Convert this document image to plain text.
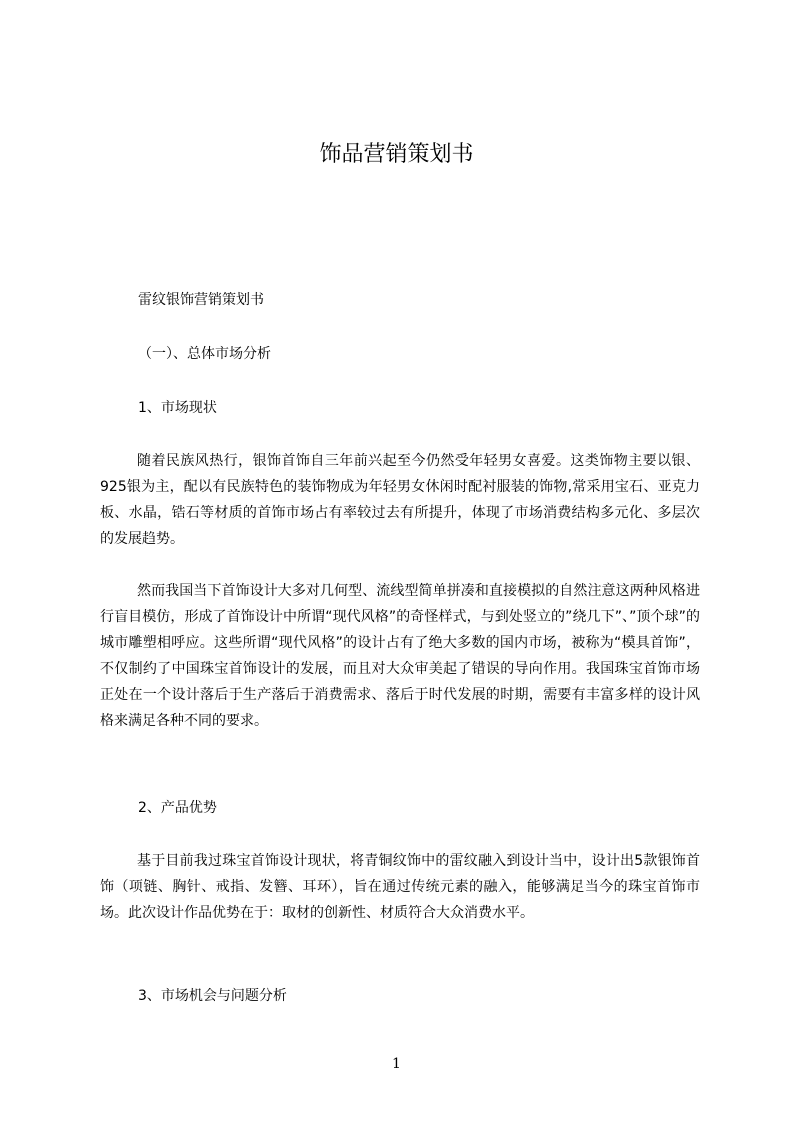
饰品营销策划书
雷纹银饰营销策划书
（一）、总体市场分析
1、市场现状

随着民族风热行，银饰首饰自三年前兴起至今仍然受年轻男女喜爱。这类饰物主要以银、925银为主，配以有民族特色的装饰物成为年轻男女休闲时配衬服装的饰物,常采用宝石、亚克力板、水晶，锆石等材质的首饰市场占有率较过去有所提升，体现了市场消费结构多元化、多层次的发展趋势。

然而我国当下首饰设计大多对几何型、流线型简单拼凑和直接模拟的自然注意这两种风格进行盲目模仿，形成了首饰设计中所谓“现代风格”的奇怪样式，与到处竖立的”绕几下”、”顶个球”的城市雕塑相呼应。这些所谓“现代风格”的设计占有了绝大多数的国内市场，被称为“模具首饰”，不仅制约了中国珠宝首饰设计的发展，而且对大众审美起了错误的导向作用。我国珠宝首饰市场正处在一个设计落后于生产落后于消费需求、落后于时代发展的时期，需要有丰富多样的设计风格来满足各种不同的要求。

2、产品优势

基于目前我过珠宝首饰设计现状，将青铜纹饰中的雷纹融入到设计当中，设计出5款银饰首饰（项链、胸针、戒指、发簪、耳环），旨在通过传统元素的融入，能够满足当今的珠宝首饰市场。此次设计作品优势在于：取材的创新性、材质符合大众消费水平。

3、市场机会与问题分析
1
